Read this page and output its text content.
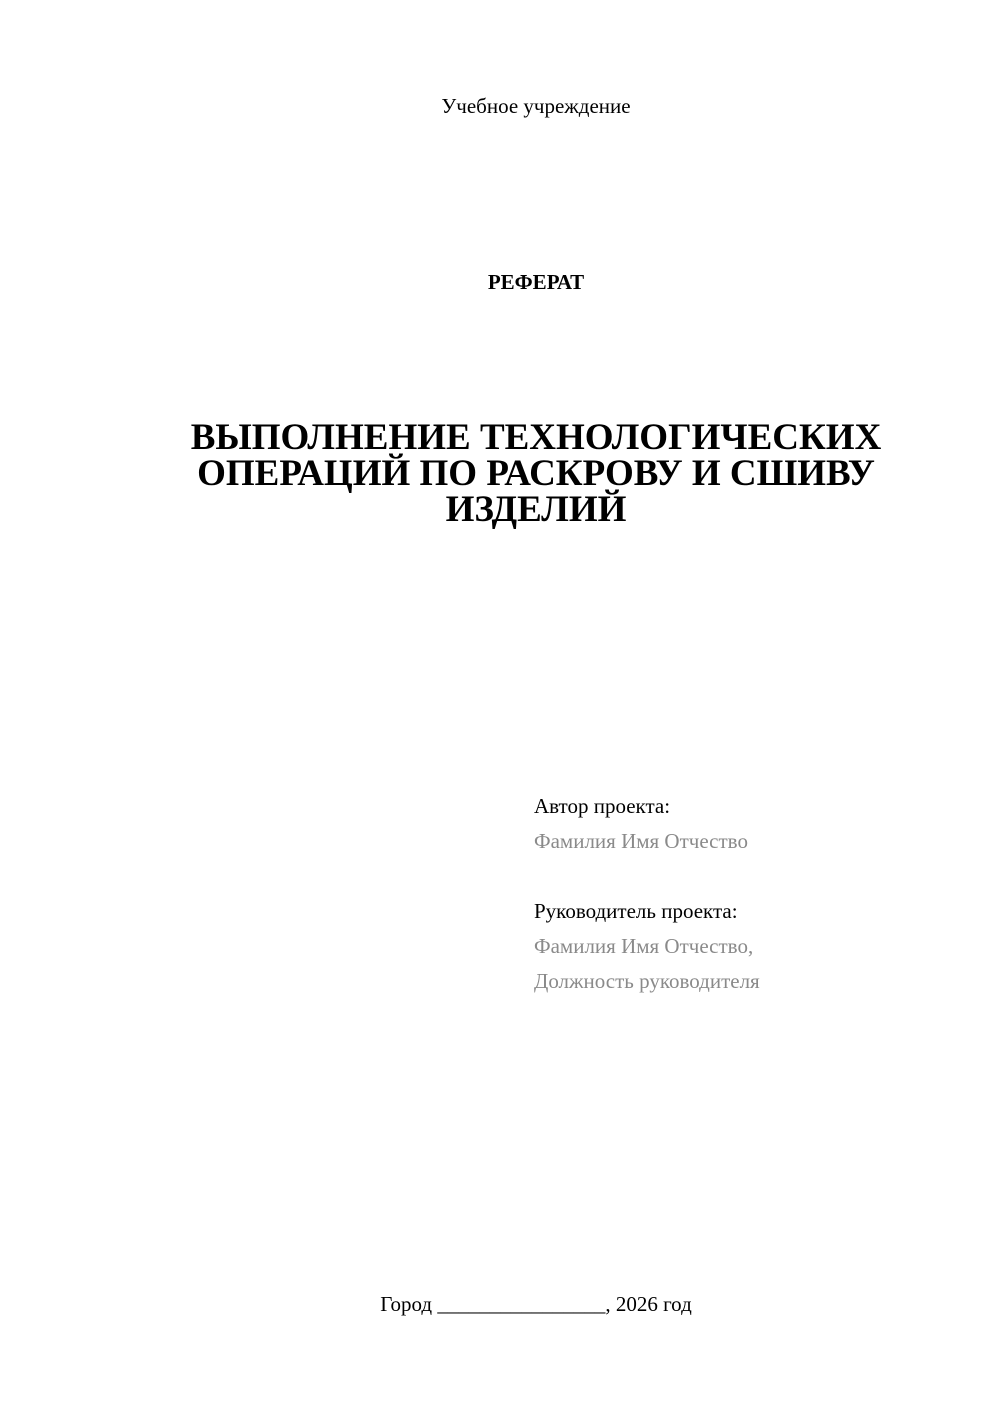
Учебное учреждение
РЕФЕРАТ
ВЫПОЛНЕНИЕ ТЕХНОЛОГИЧЕСКИХ
ОПЕРАЦИЙ ПО РАСКРОВУ И СШИВУ
ИЗДЕЛИЙ
Автор проекта:
Фамилия Имя Отчество
Руководитель проекта:
Фамилия Имя Отчество,
Должность руководителя
Город ________________, 2026 год
